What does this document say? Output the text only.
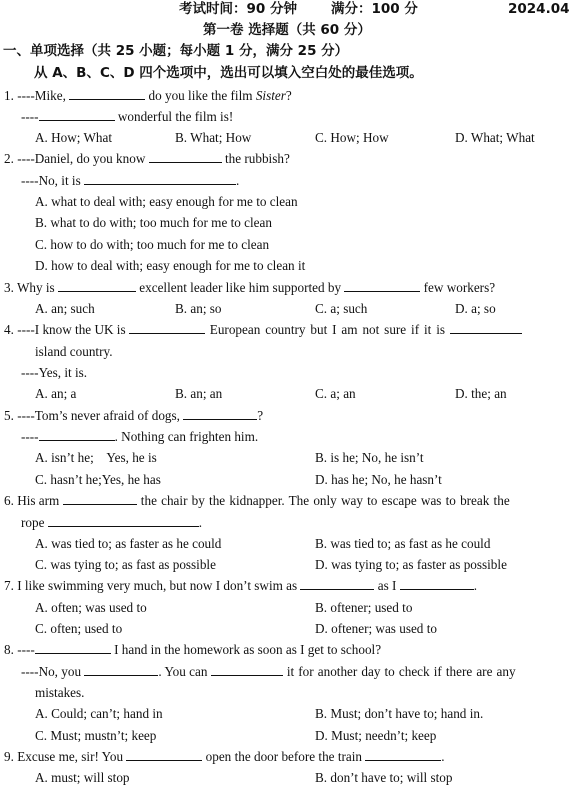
考试时间：90 分钟	满分：100 分	2024.04
第一卷 选择题（共 60 分）
一、单项选择（共 25 小题；每小题 1 分，满分 25 分）
从 A、B、C、D 四个选项中，选出可以填入空白处的最佳选项。
1. ----Mike,	do you like the film Sister?
----	wonderful the film is!
A. How; What	B. What; How	C. How; How	D. What; What
2. ----Daniel, do you know	the rubbish?
----No, it is	.
A. what to deal with; easy enough for me to clean
B. what to do with; too much for me to clean
C. how to do with; too much for me to clean
D. how to deal with; easy enough for me to clean it
3. Why is	excellent leader like him supported by	few workers?
A. an; such	B. an; so	C. a; such	D. a; so
4. ----I know the UK is	European country but I am not sure if it is
island country.
----Yes, it is.
A. an; a	B. an; an	C. a; an	D. the; an
5. ----Tom’s never afraid of dogs,	?
----	. Nothing can frighten him.
A. isn’t he;    Yes, he is	B. is he; No, he isn’t
C. hasn’t he;Yes, he has	D. has he; No, he hasn’t
6. His arm	the chair by the kidnapper. The only way to escape was to break the
rope	.
A. was tied to; as faster as he could	B. was tied to; as fast as he could
C. was tying to; as fast as possible	D. was tying to; as faster as possible
7. I like swimming very much, but now I don’t swim as	as I	.
A. often; was used to	B. oftener; used to
C. often; used to	D. oftener; was used to
8. ----	I hand in the homework as soon as I get to school?
----No, you	. You can	it for another day to check if there are any
mistakes.
A. Could; can’t; hand in	B. Must; don’t have to; hand in.
C. Must; mustn’t; keep	D. Must; needn’t; keep
9. Excuse me, sir! You	open the door before the train	.
A. must; will stop	B. don’t have to; will stop
